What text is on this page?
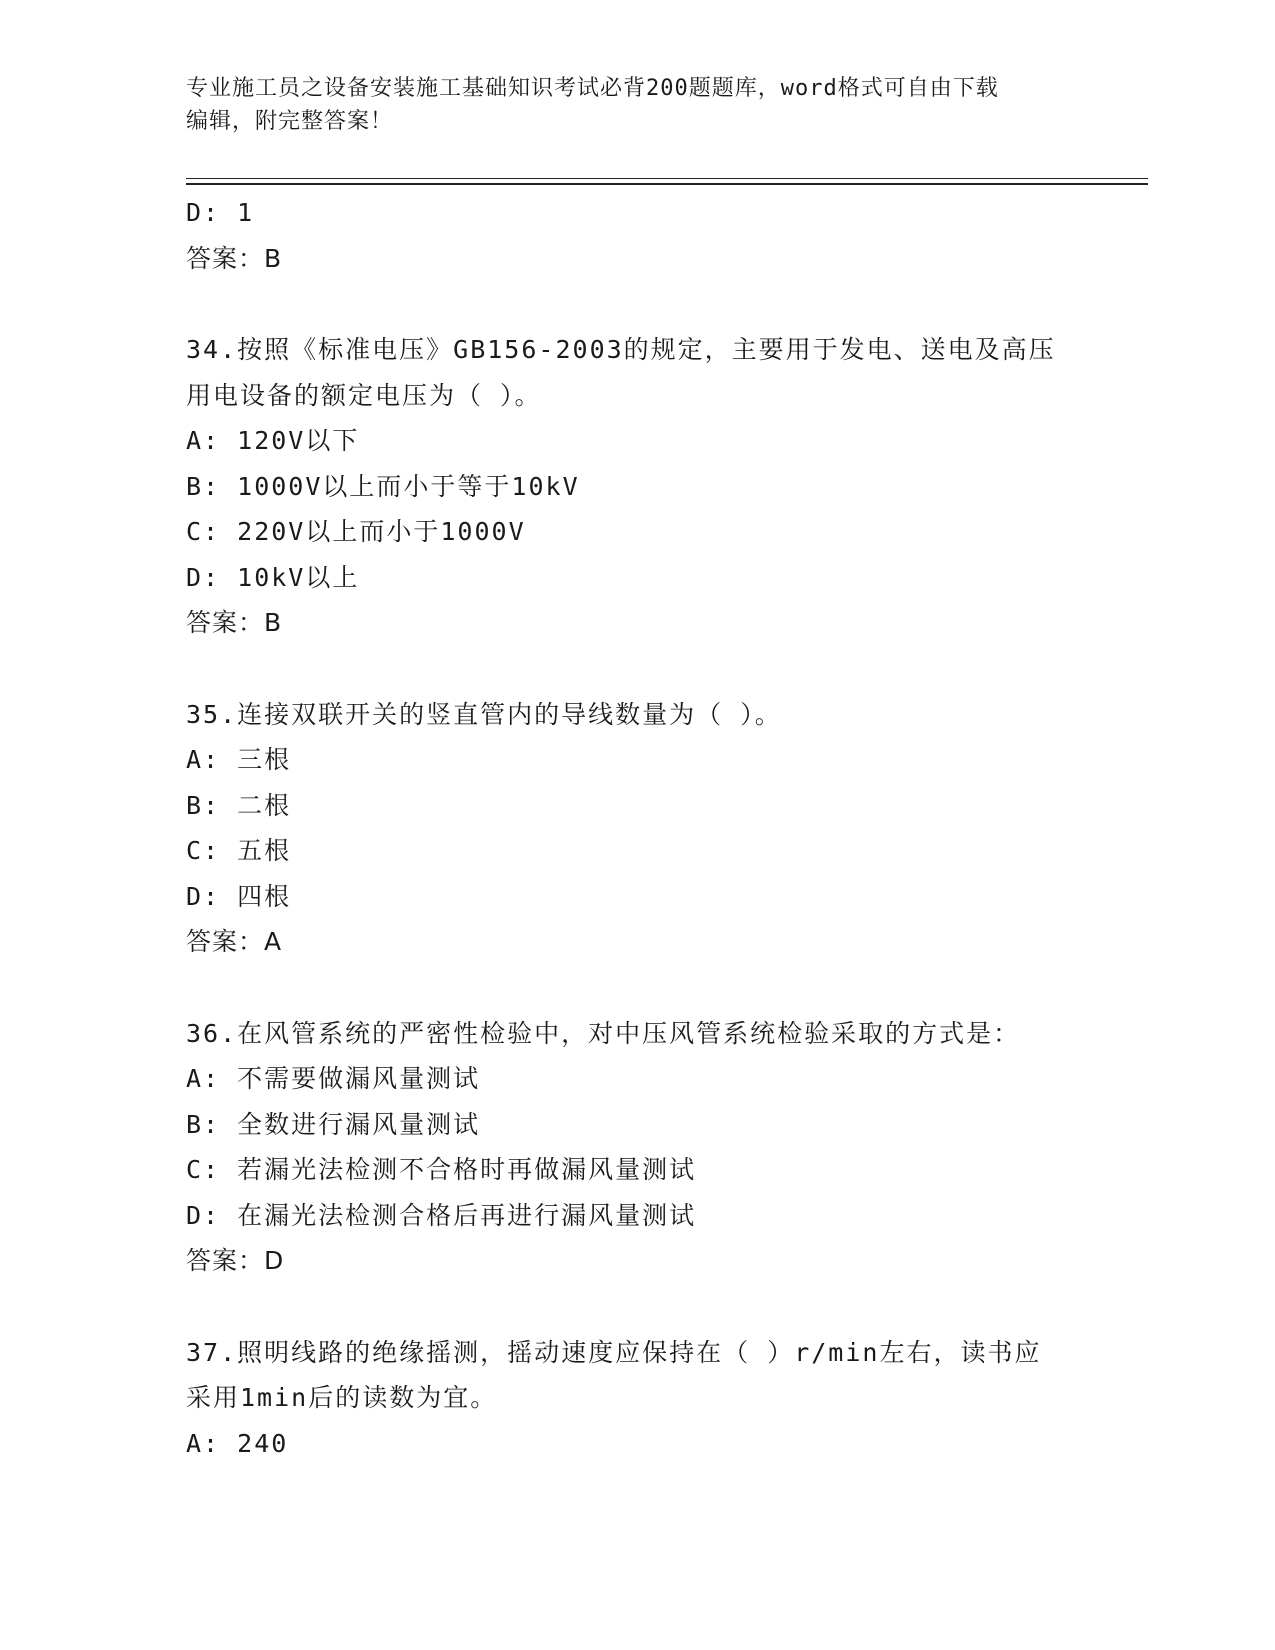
专业施工员之设备安装施工基础知识考试必背200题题库，word格式可自由下载
编辑，附完整答案！
D: 1
答案：B
34.按照《标准电压》GB156-2003的规定，主要用于发电、送电及高压
用电设备的额定电压为（ ）。
A: 120V以下
B: 1000V以上而小于等于10kV
C: 220V以上而小于1000V
D: 10kV以上
答案：B
35.连接双联开关的竖直管内的导线数量为（ ）。
A: 三根
B: 二根
C: 五根
D: 四根
答案：A
36.在风管系统的严密性检验中，对中压风管系统检验采取的方式是：
A: 不需要做漏风量测试
B: 全数进行漏风量测试
C: 若漏光法检测不合格时再做漏风量测试
D: 在漏光法检测合格后再进行漏风量测试
答案：D
37.照明线路的绝缘摇测，摇动速度应保持在（ ）r/min左右，读书应
采用1min后的读数为宜。
A: 240
